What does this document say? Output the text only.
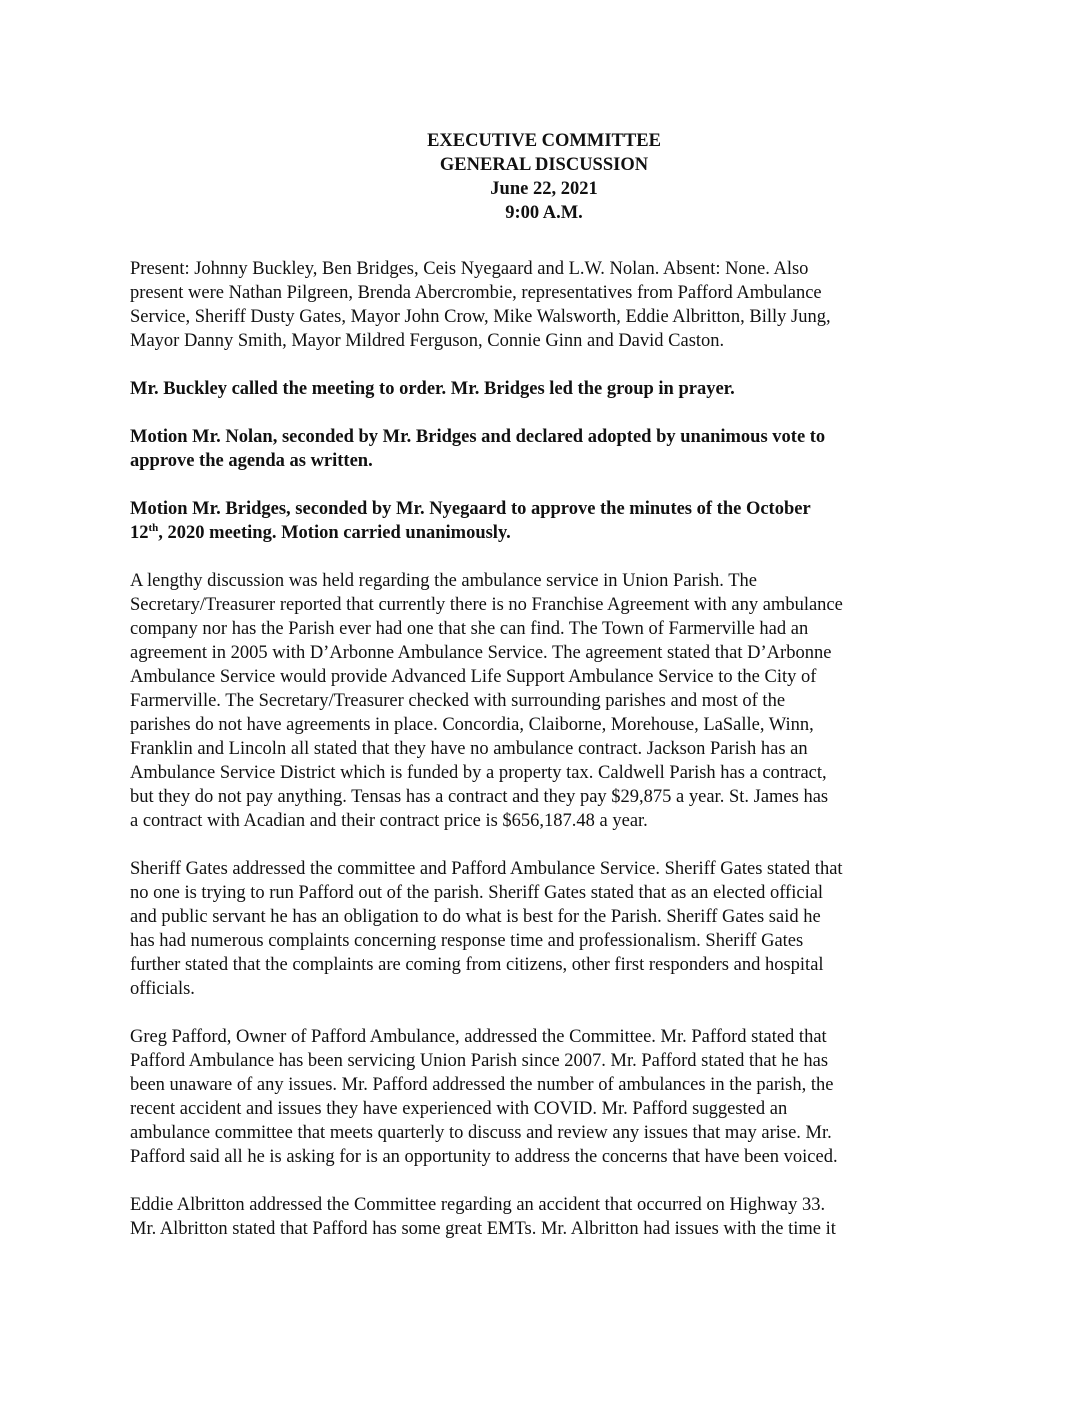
EXECUTIVE COMMITTEE
GENERAL DISCUSSION
June 22, 2021
9:00 A.M.
Present: Johnny Buckley, Ben Bridges, Ceis Nyegaard and L.W. Nolan. Absent: None. Also
present were Nathan Pilgreen, Brenda Abercrombie, representatives from Pafford Ambulance
Service, Sheriff Dusty Gates, Mayor John Crow, Mike Walsworth, Eddie Albritton, Billy Jung,
Mayor Danny Smith, Mayor Mildred Ferguson, Connie Ginn and David Caston.
Mr. Buckley called the meeting to order. Mr. Bridges led the group in prayer.
Motion Mr. Nolan, seconded by Mr. Bridges and declared adopted by unanimous vote to
approve the agenda as written.
Motion Mr. Bridges, seconded by Mr. Nyegaard to approve the minutes of the October
12th, 2020 meeting. Motion carried unanimously.
A lengthy discussion was held regarding the ambulance service in Union Parish. The
Secretary/Treasurer reported that currently there is no Franchise Agreement with any ambulance
company nor has the Parish ever had one that she can find. The Town of Farmerville had an
agreement in 2005 with D’Arbonne Ambulance Service. The agreement stated that D’Arbonne
Ambulance Service would provide Advanced Life Support Ambulance Service to the City of
Farmerville. The Secretary/Treasurer checked with surrounding parishes and most of the
parishes do not have agreements in place. Concordia, Claiborne, Morehouse, LaSalle, Winn,
Franklin and Lincoln all stated that they have no ambulance contract. Jackson Parish has an
Ambulance Service District which is funded by a property tax. Caldwell Parish has a contract,
but they do not pay anything. Tensas has a contract and they pay $29,875 a year. St. James has
a contract with Acadian and their contract price is $656,187.48 a year.
Sheriff Gates addressed the committee and Pafford Ambulance Service. Sheriff Gates stated that
no one is trying to run Pafford out of the parish. Sheriff Gates stated that as an elected official
and public servant he has an obligation to do what is best for the Parish. Sheriff Gates said he
has had numerous complaints concerning response time and professionalism. Sheriff Gates
further stated that the complaints are coming from citizens, other first responders and hospital
officials.
Greg Pafford, Owner of Pafford Ambulance, addressed the Committee. Mr. Pafford stated that
Pafford Ambulance has been servicing Union Parish since 2007. Mr. Pafford stated that he has
been unaware of any issues. Mr. Pafford addressed the number of ambulances in the parish, the
recent accident and issues they have experienced with COVID. Mr. Pafford suggested an
ambulance committee that meets quarterly to discuss and review any issues that may arise. Mr.
Pafford said all he is asking for is an opportunity to address the concerns that have been voiced.
Eddie Albritton addressed the Committee regarding an accident that occurred on Highway 33.
Mr. Albritton stated that Pafford has some great EMTs. Mr. Albritton had issues with the time it
